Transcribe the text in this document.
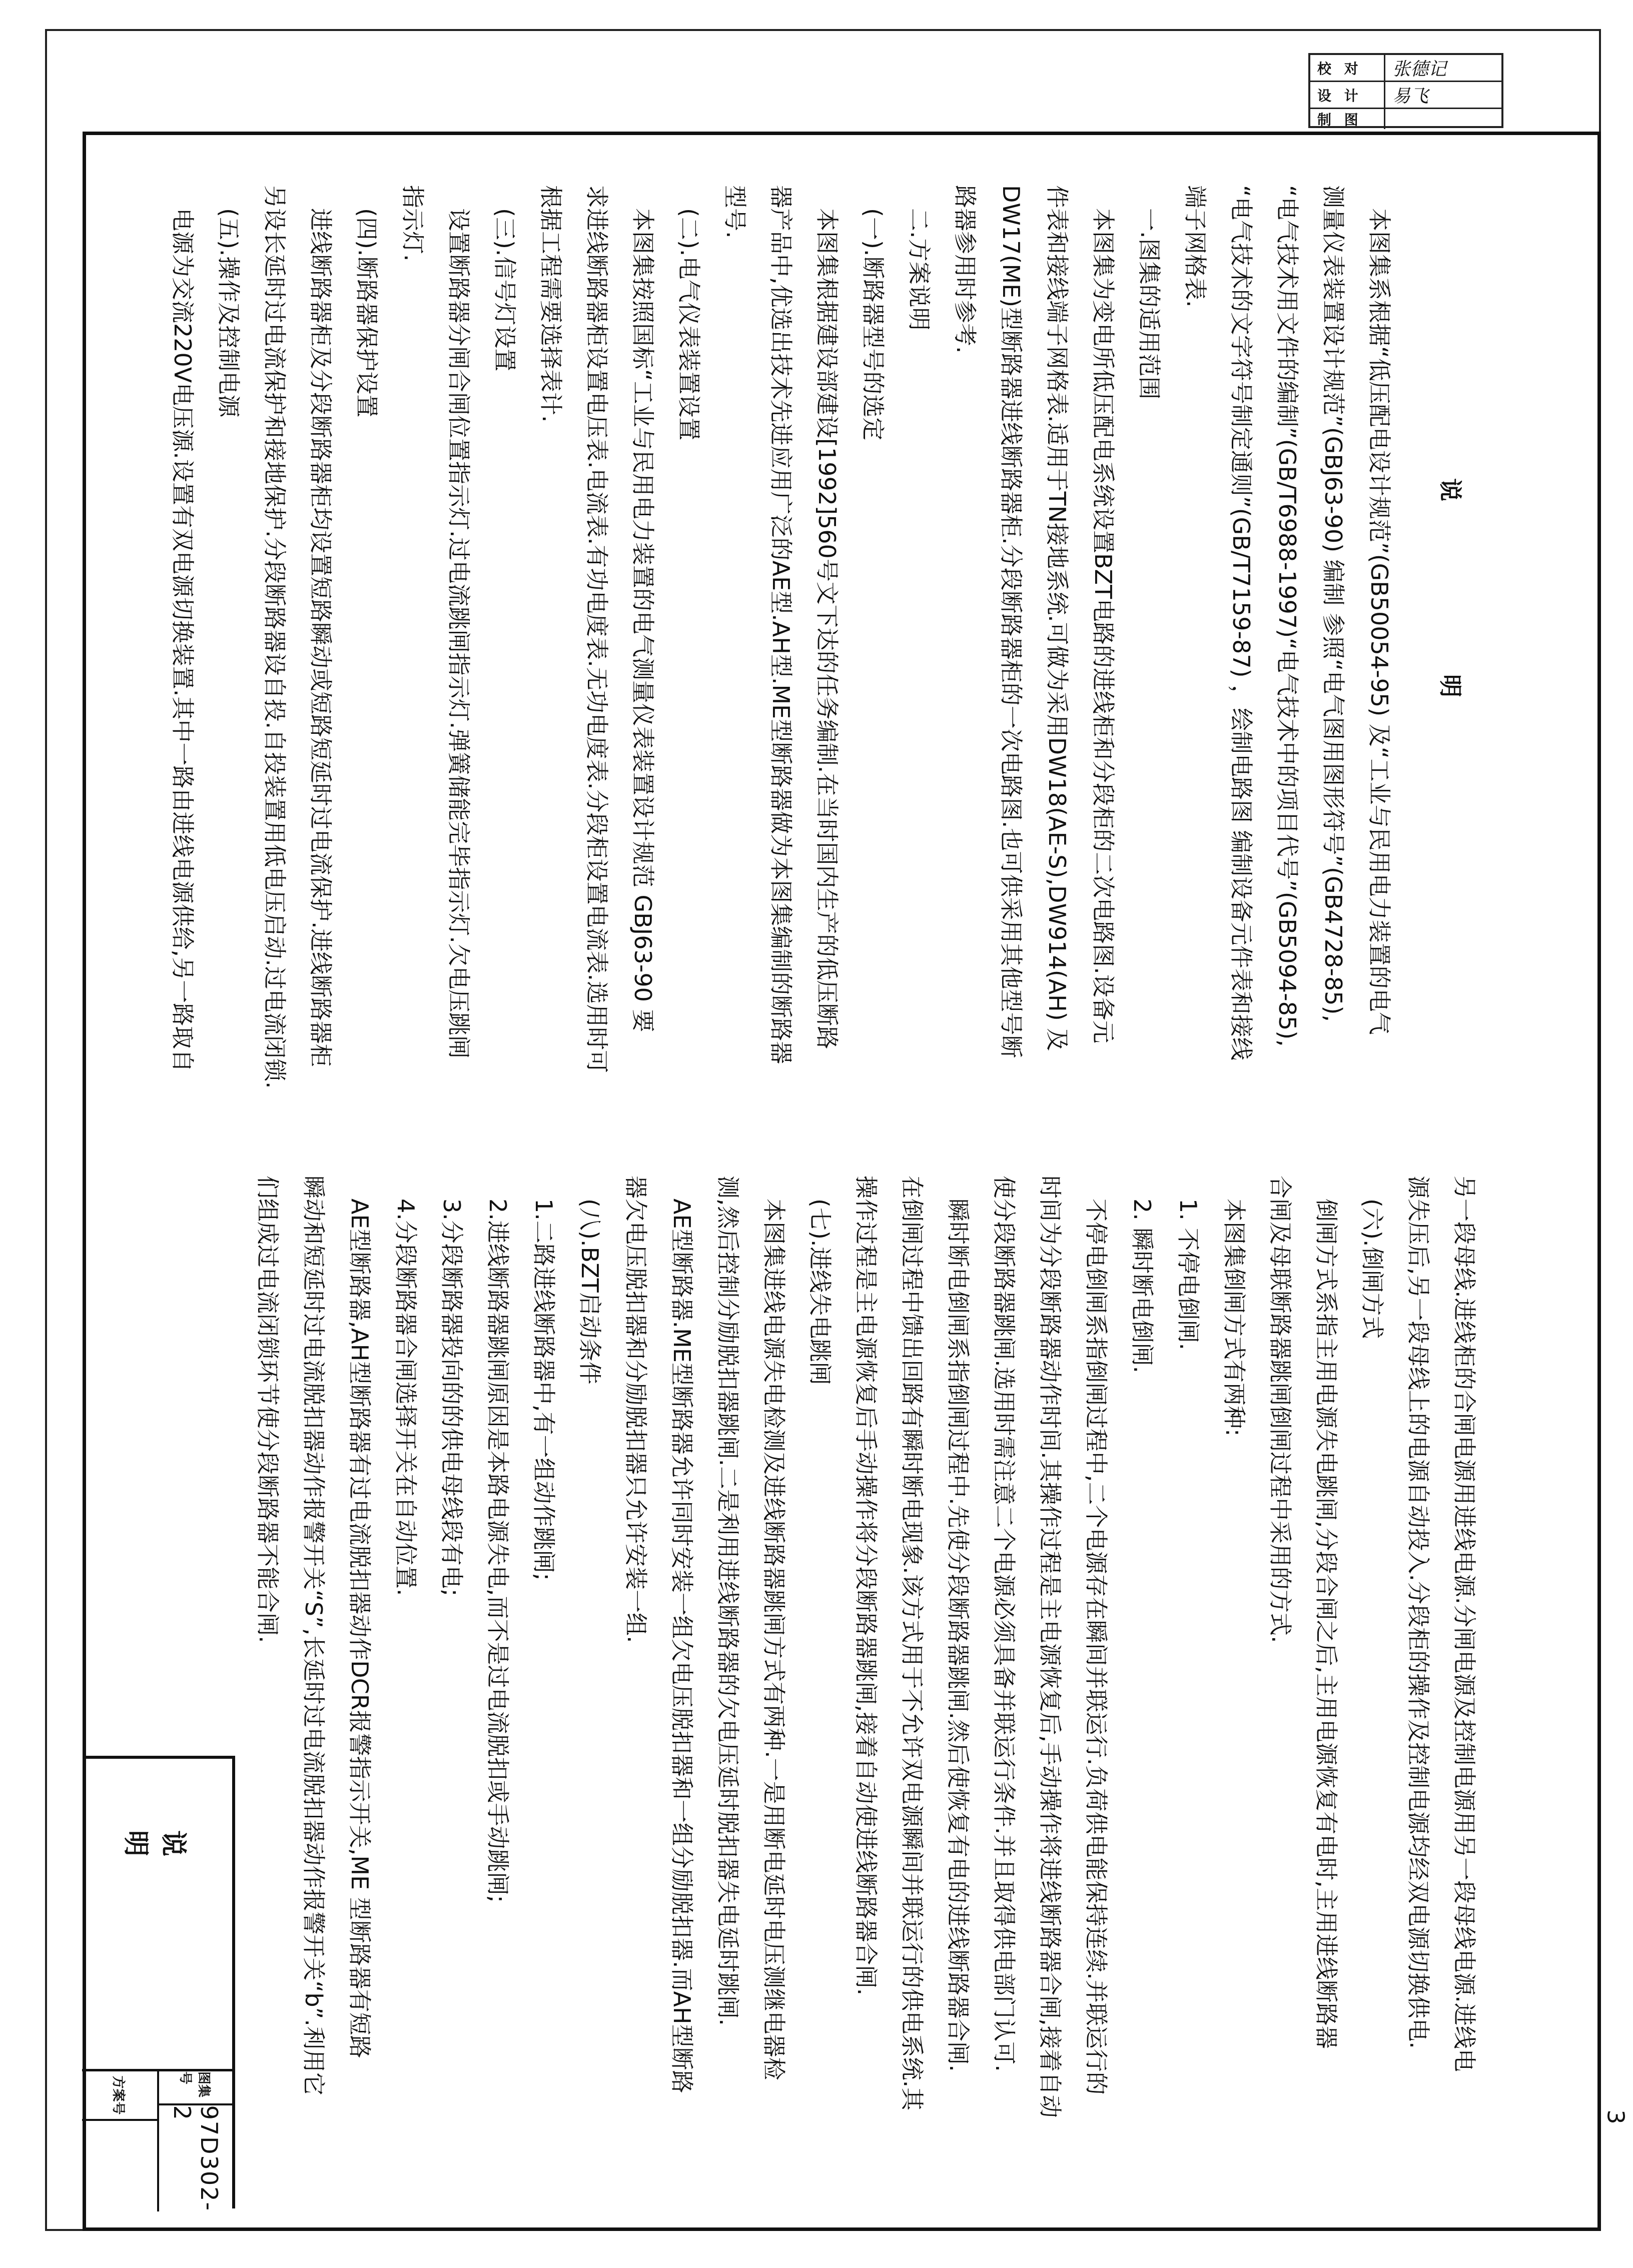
校 对	张德记
设 计	易飞
制 图
说　明

　本图集系根据“低压配电设计规范”(GB50054-95) 及“工业与民用电力装置的电气

测量仪表装置设计规范”(GBJ63-90) 编制 参照“电气图用图形符号”(GB4728-85),

“电气技术用文件的编制”(GB/T6988-1997)“电气技术中的项目代号”(GB5094-85),

“电气技术的文字符号制定通则”(GB/T7159-87) ，绘制电路图 编制设备元件表和接线

端子网格表.

　一.图集的适用范围

　本图集为变电所低压配电系统设置BZT电路的进线柜和分段柜的二次电路图.设备元

件表和接线端子网格表.适用于TN接地系统.可做为采用DW18(AE-S),DW914(AH) 及

DW17(ME)型断路器进线断路器柜.分段断路器柜的一次电路图.也可供采用其他型号断

路器参用时参考.

　二.方案说明

　(一).断路器型号的选定

　本图集根据建设部建设[1992]560号文下达的任务编制.在当时国内生产的低压断路

器产品中,优选出技术先进应用广泛的AE型.AH型.ME型断路器做为本图集编制的断路器

型号.

　(二).电气仪表装置设置

　本图集按照国标“工业与民用电力装置的电气测量仪表装置设计规范 GBJ63-90 要

求进线断路器柜设置电压表.电流表.有功电度表.无功电度表.分段柜设置电流表.选用时可

根据工程需要选择表计.

　(三).信号灯设置

　设置断路器分闸合闸位置指示灯.过电流跳闸指示灯.弹簧储能完毕指示灯.欠电压跳闸

指示灯.

　(四).断路器保护设置

　进线断路器柜及分段断路器柜均设置短路瞬动或短路短延时过电流保护.进线断路器柜

另设长延时过电流保护和接地保护.分段断路器设自投.自投装置用低电压启动.过电流闭锁.

　(五).操作及控制电源

　电源为交流220V电压源.设置有双电源切换装置.其中一路由进线电源供给,另一路取自

另一段母线.进线柜的合闸电源用进线电源.分闸电源及控制电源用另一段母线电源.进线电

源失压后,另一段母线上的电源自动投入.分段柜的操作及控制电源均经双电源切换供电.

　(六).倒闸方式

　倒闸方式系指主用电源失电跳闸,分段合闸之后,主用电源恢复有电时,主用进线断路器

合闸及母联断路器跳闸倒闸过程中采用的方式.

　本图集倒闸方式有两种:

　1. 不停电倒闸.

　2. 瞬时断电倒闸.

　不停电倒闸系指倒闸过程中,二个电源存在瞬间并联运行.负荷供电能保持连续.并联运行的

时间为分段断路器动作时间.其操作过程是主电源恢复后,手动操作将进线断路器合闸,接着自动

使分段断路器跳闸.选用时需注意二个电源必须具备并联运行条件.并且取得供电部门认可.

　瞬时断电倒闸系指倒闸过程中.先使分段断路器跳闸.然后使恢复有电的进线断路器合闸.

在倒闸过程中馈出回路有瞬时断电现象.该方式用于不允许双电源瞬间并联运行的供电系统.其

操作过程是主电源恢复后手动操作将分段断路器跳闸,接着自动使进线断路器合闸.

　(七).进线失电跳闸

　本图集进线电源失电检测及进线断路器跳闸方式有两种.一是用断电延时电压测继电器检

测,然后控制分励脱扣器跳闸.二是利用进线断路器的欠电压延时脱扣器失电延时跳闸.

　AE型断路器.ME型断路器允许同时安装一组欠电压脱扣器和一组分励脱扣器.而AH型断路

器欠电压脱扣器和分励脱扣器只允许安装一组.

　(八).BZT启动条件

　1.二路进线断路器中,有一组动作跳闸;

　2.进线断路器跳闸原因是本路电源失电,而不是过电流脱扣或手动跳闸;

　3.分段断路器投向的的供电母线段有电;

　4.分段断路器合闸选择开关在自动位置.

　AE型断路器,AH型断路器有过电流脱扣器动作DCR报警指示开关,ME 型断路器有短路

瞬动和短延时过电流脱扣器动作报警开关“S”,长延时过电流脱扣器动作报警开关“b”.利用它

们组成过电流闭锁环节使分段断路器不能合闸.

说　明
图集号
97D302-2
方案号
3
